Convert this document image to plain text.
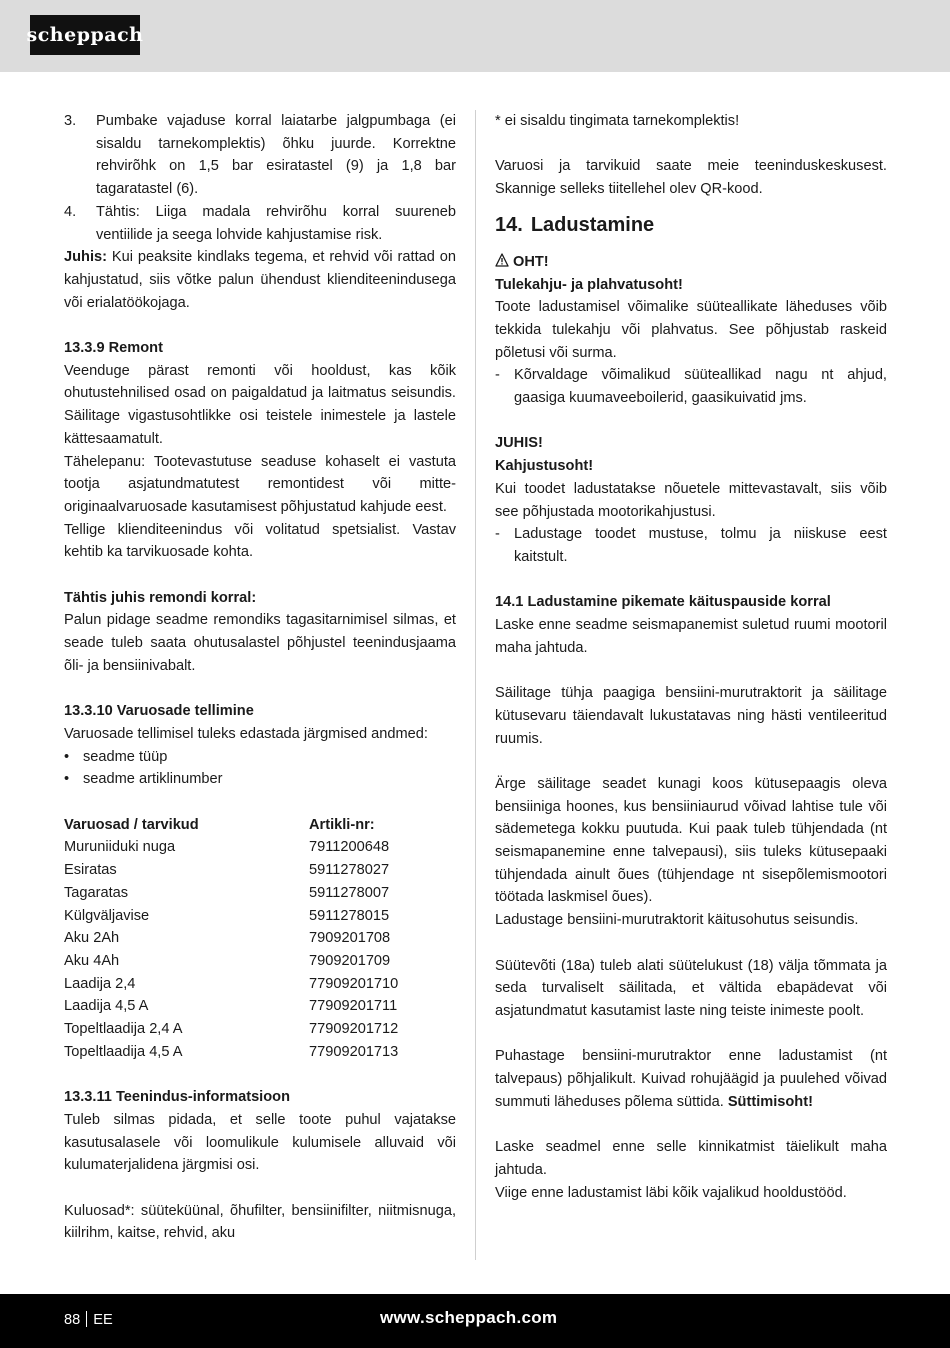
scheppach
3. Pumbake vajaduse korral laiatarbe jalgpumbaga (ei sisaldu tarnekomplektis) õhku juurde. Korrektne rehvirõhk on 1,5 bar esiratastel (9) ja 1,8 bar tagaratastel (6).
4. Tähtis: Liiga madala rehvirõhu korral suureneb ventiilide ja seega lohvide kahjustamise risk.

Juhis: Kui peaksite kindlaks tegema, et rehvid või rattad on kahjustatud, siis võtke palun ühendust klienditeenindusega või erialatöökojaga.

13.3.9 Remont

Veenduge pärast remonti või hooldust, kas kõik ohutustehnilised osad on paigaldatud ja laitmatus seisundis. Säilitage vigastusohtlikke osi teistele inimestele ja lastele kättesaamatult.

Tähelepanu: Tootevastutuse seaduse kohaselt ei vastuta tootja asjatundmatutest remontidest või mitte-originaalvaruosade kasutamisest põhjustatud kahjude eest.

Tellige klienditeenindus või volitatud spetsialist. Vastav kehtib ka tarvikuosade kohta.

Tähtis juhis remondi korral:

Palun pidage seadme remondiks tagasitarnimisel silmas, et seade tuleb saata ohutusalastel põhjustel teenindusjaama õli- ja bensiinivabalt.

13.3.10 Varuosade tellimine

Varuosade tellimisel tuleks edastada järgmised andmed:

• seadme tüüp
• seadme artiklinumber
Varuosad / tarvikud	Artikli-nr:
Muruniiduki nuga	7911200648
Esiratas	5911278027
Tagaratas	5911278007
Külgväljavise	5911278015
Aku 2Ah	7909201708
Aku 4Ah	7909201709
Laadija 2,4	77909201710
Laadija 4,5 A	77909201711
Topeltlaadija 2,4 A	77909201712
Topeltlaadija 4,5 A	77909201713

13.3.11 Teenindus-informatsioon

Tuleb silmas pidada, et selle toote puhul vajatakse kasutusalasele või loomulikule kulumisele alluvaid või kulumaterjalidena järgmisi osi.

Kuluosad*: süüteküünal, õhufilter, bensiinifilter, niitmisnuga, kiilrihm, kaitse, rehvid, aku

* ei sisaldu tingimata tarnekomplektis!

Varuosi ja tarvikuid saate meie teeninduskeskusest. Skannige selleks tiitellehel olev QR-kood.

14. Ladustamine

OHT!

Tulekahju- ja plahvatusoht!

Toote ladustamisel võimalike süüteallikate läheduses võib tekkida tulekahju või plahvatus. See põhjustab raskeid põletusi või surma.

- Kõrvaldage võimalikud süüteallikad nagu nt ahjud, gaasiga kuumaveeboilerid, gaasikuivatid jms.

JUHIS!

Kahjustusoht!

Kui toodet ladustatakse nõuetele mittevastavalt, siis võib see põhjustada mootorikahjustusi.

- Ladustage toodet mustuse, tolmu ja niiskuse eest kaitstult.

14.1 Ladustamine pikemate käituspauside korral

Laske enne seadme seismapanemist suletud ruumi mootoril maha jahtuda.

Säilitage tühja paagiga bensiini-murutraktorit ja säilitage kütusevaru täiendavalt lukustatavas ning hästi ventileeritud ruumis.

Ärge säilitage seadet kunagi koos kütusepaagis oleva bensiiniga hoones, kus bensiiniaurud võivad lahtise tule või sädemetega kokku puutuda. Kui paak tuleb tühjendada (nt seismapanemine enne talvepausi), siis tuleks kütusepaaki tühjendada ainult õues (tühjendage nt sisepõlemismootori töötada laskmisel õues).

Ladustage bensiini-murutraktorit käitusohutus seisundis.

Süütevõti (18a) tuleb alati süütelukust (18) välja tõmmata ja seda turvaliselt säilitada, et vältida ebapädevat või asjatundmatut kasutamist laste ning teiste inimeste poolt.

Puhastage bensiini-murutraktor enne ladustamist (nt talvepaus) põhjalikult. Kuivad rohujäägid ja puulehed võivad summuti läheduses põlema süttida. Süttimisoht!

Laske seadmel enne selle kinnikatmist täielikult maha jahtuda.

Viige enne ladustamist läbi kõik vajalikud hooldustööd.

88 EE	www.scheppach.com
